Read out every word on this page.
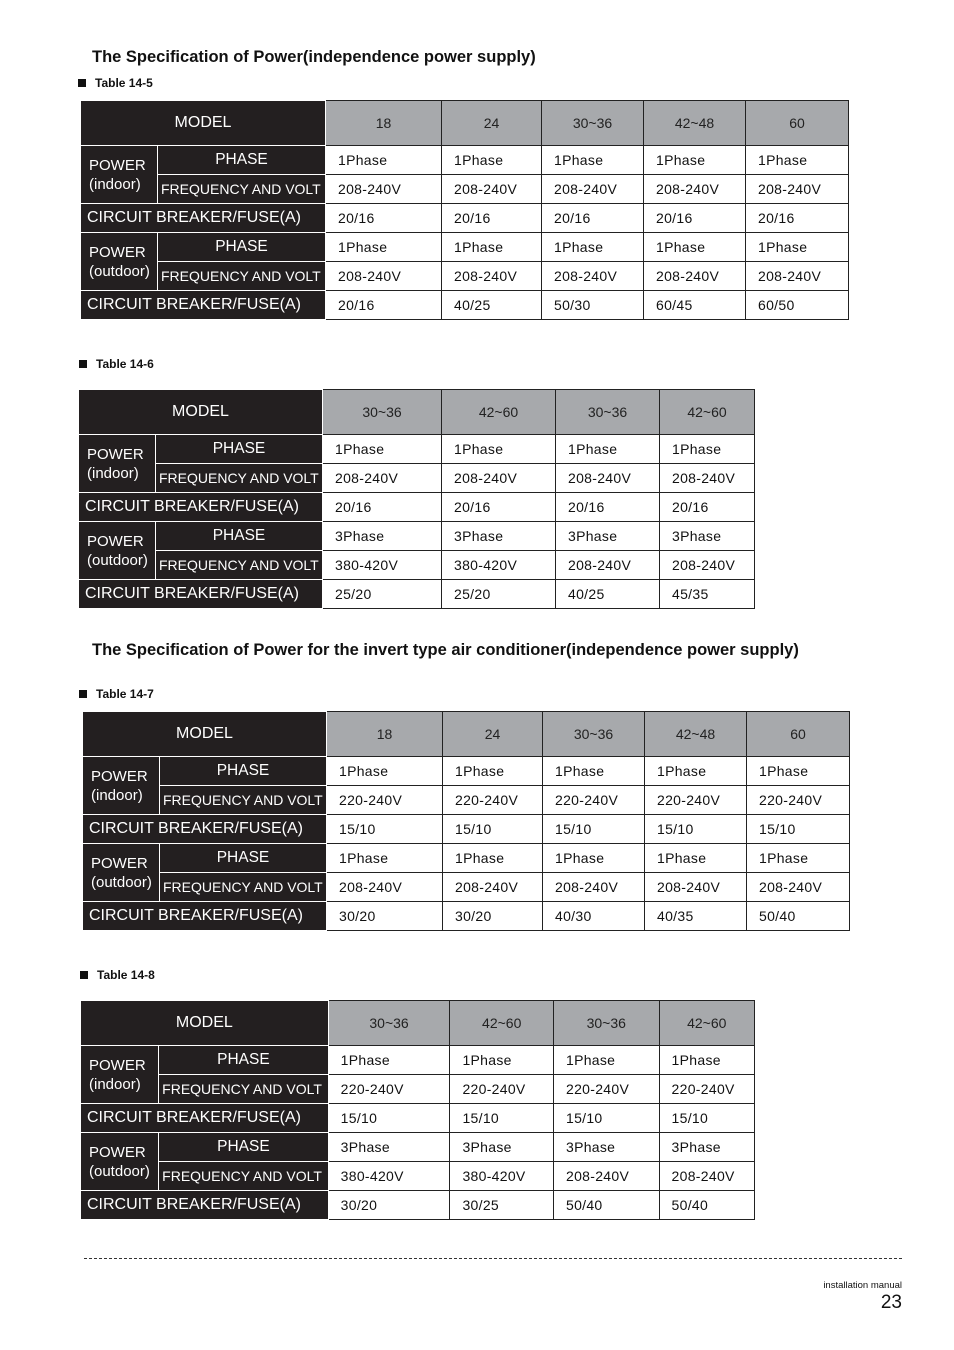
The Specification of Power(independence power supply)
Table 14-5
MODEL		18	24	30~36	42~48	60
POWER
(indoor)	PHASE	1Phase	1Phase	1Phase	1Phase	1Phase
	FREQUENCY AND VOLT	208-240V	208-240V	208-240V	208-240V	208-240V
CIRCUIT BREAKER/FUSE(A)		20/16	20/16	20/16	20/16	20/16
POWER
(outdoor)	PHASE	1Phase	1Phase	1Phase	1Phase	1Phase
	FREQUENCY AND VOLT	208-240V	208-240V	208-240V	208-240V	208-240V
CIRCUIT BREAKER/FUSE(A)		20/16	40/25	50/30	60/45	60/50
Table 14-6
MODEL		30~36	42~60	30~36	42~60
POWER
(indoor)	PHASE	1Phase	1Phase	1Phase	1Phase
	FREQUENCY AND VOLT	208-240V	208-240V	208-240V	208-240V
CIRCUIT BREAKER/FUSE(A)		20/16	20/16	20/16	20/16
POWER
(outdoor)	PHASE	3Phase	3Phase	3Phase	3Phase
	FREQUENCY AND VOLT	380-420V	380-420V	208-240V	208-240V
CIRCUIT BREAKER/FUSE(A)		25/20	25/20	40/25	45/35
The Specification of Power for the invert type air conditioner(independence power supply)
Table 14-7
MODEL		18	24	30~36	42~48	60
POWER
(indoor)	PHASE	1Phase	1Phase	1Phase	1Phase	1Phase
	FREQUENCY AND VOLT	220-240V	220-240V	220-240V	220-240V	220-240V
CIRCUIT BREAKER/FUSE(A)		15/10	15/10	15/10	15/10	15/10
POWER
(outdoor)	PHASE	1Phase	1Phase	1Phase	1Phase	1Phase
	FREQUENCY AND VOLT	208-240V	208-240V	208-240V	208-240V	208-240V
CIRCUIT BREAKER/FUSE(A)		30/20	30/20	40/30	40/35	50/40
Table 14-8
MODEL		30~36	42~60	30~36	42~60
POWER
(indoor)	PHASE	1Phase	1Phase	1Phase	1Phase
	FREQUENCY AND VOLT	220-240V	220-240V	220-240V	220-240V
CIRCUIT BREAKER/FUSE(A)		15/10	15/10	15/10	15/10
POWER
(outdoor)	PHASE	3Phase	3Phase	3Phase	3Phase
	FREQUENCY AND VOLT	380-420V	380-420V	208-240V	208-240V
CIRCUIT BREAKER/FUSE(A)		30/20	30/25	50/40	50/40
installation manual
23
